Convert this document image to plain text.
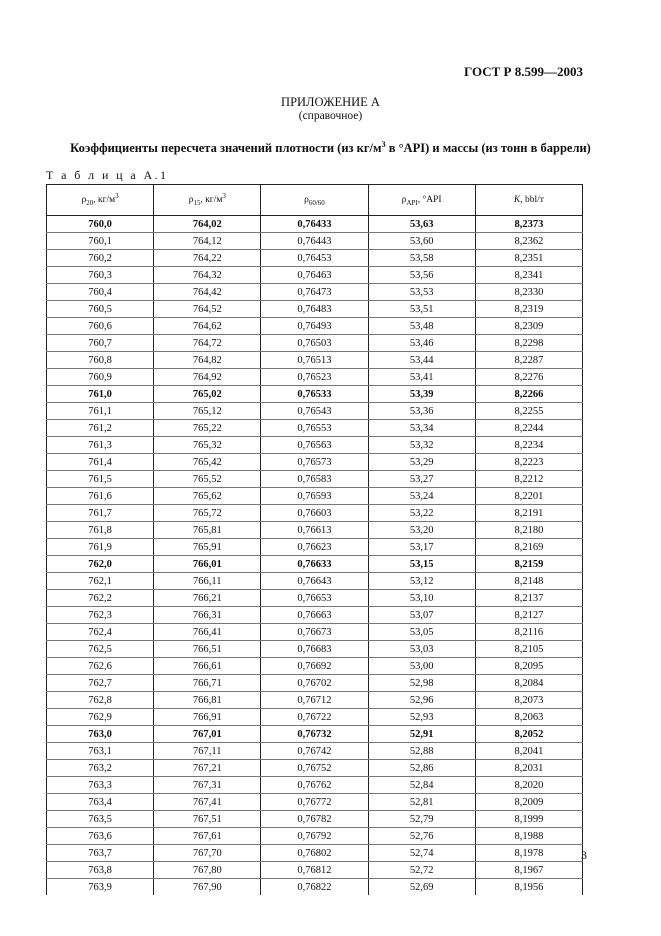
ГОСТ Р 8.599—2003
ПРИЛОЖЕНИЕ А
(справочное)
Коэффициенты пересчета значений плотности (из $кг/м^3$ в °API) и массы (из тонн в баррели)
Т а б л и ц а А.1
$\rho_{20}$, $кг/м^3$	$\rho_{15}$, $кг/м^3$	$\rho_{60/60}$	$\rho_{API}$, °API	K, bbl/т
760,0	764,02	0,76433	53,63	8,2373
760,1	764,12	0,76443	53,60	8,2362
760,2	764,22	0,76453	53,58	8,2351
760,3	764,32	0,76463	53,56	8,2341
760,4	764,42	0,76473	53,53	8,2330
760,5	764,52	0,76483	53,51	8,2319
760,6	764,62	0,76493	53,48	8,2309
760,7	764,72	0,76503	53,46	8,2298
760,8	764,82	0,76513	53,44	8,2287
760,9	764,92	0,76523	53,41	8,2276
761,0	765,02	0,76533	53,39	8,2266
761,1	765,12	0,76543	53,36	8,2255
761,2	765,22	0,76553	53,34	8,2244
761,3	765,32	0,76563	53,32	8,2234
761,4	765,42	0,76573	53,29	8,2223
761,5	765,52	0,76583	53,27	8,2212
761,6	765,62	0,76593	53,24	8,2201
761,7	765,72	0,76603	53,22	8,2191
761,8	765,81	0,76613	53,20	8,2180
761,9	765,91	0,76623	53,17	8,2169
762,0	766,01	0,76633	53,15	8,2159
762,1	766,11	0,76643	53,12	8,2148
762,2	766,21	0,76653	53,10	8,2137
762,3	766,31	0,76663	53,07	8,2127
762,4	766,41	0,76673	53,05	8,2116
762,5	766,51	0,76683	53,03	8,2105
762,6	766,61	0,76692	53,00	8,2095
762,7	766,71	0,76702	52,98	8,2084
762,8	766,81	0,76712	52,96	8,2073
762,9	766,91	0,76722	52,93	8,2063
763,0	767,01	0,76732	52,91	8,2052
763,1	767,11	0,76742	52,88	8,2041
763,2	767,21	0,76752	52,86	8,2031
763,3	767,31	0,76762	52,84	8,2020
763,4	767,41	0,76772	52,81	8,2009
763,5	767,51	0,76782	52,79	8,1999
763,6	767,61	0,76792	52,76	8,1988
763,7	767,70	0,76802	52,74	8,1978
763,8	767,80	0,76812	52,72	8,1967
763,9	767,90	0,76822	52,69	8,1956
3
